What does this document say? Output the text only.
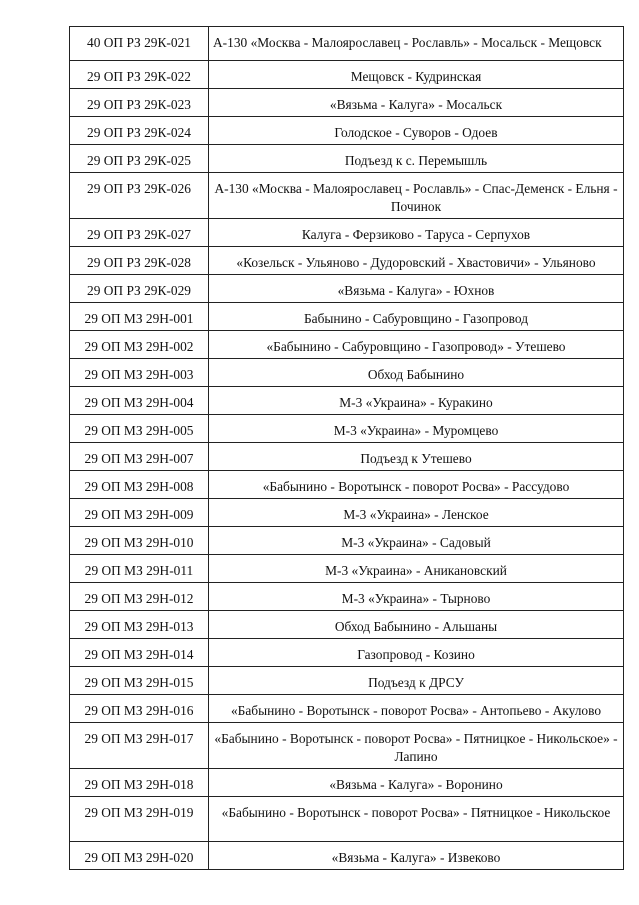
40 ОП РЗ 29К-021	А-130 «Москва - Малоярославец - Рославль» - Мосальск - Мещовск
29 ОП РЗ 29К-022	Мещовск - Кудринская
29 ОП РЗ 29К-023	«Вязьма - Калуга» - Мосальск
29 ОП РЗ 29К-024	Голодское - Суворов - Одоев
29 ОП РЗ 29К-025	Подъезд к с. Перемышль
29 ОП РЗ 29К-026	А-130 «Москва - Малоярославец - Рославль» - Спас-Деменск - Ельня - Починок
29 ОП РЗ 29К-027	Калуга - Ферзиково - Таруса - Серпухов
29 ОП РЗ 29К-028	«Козельск - Ульяново - Дудоровский - Хвастовичи» - Ульяново
29 ОП РЗ 29К-029	«Вязьма - Калуга» - Юхнов
29 ОП МЗ 29Н-001	Бабынино - Сабуровщино - Газопровод
29 ОП МЗ 29Н-002	«Бабынино - Сабуровщино - Газопровод» - Утешево
29 ОП МЗ 29Н-003	Обход Бабынино
29 ОП МЗ 29Н-004	М-3 «Украина» - Куракино
29 ОП МЗ 29Н-005	М-3 «Украина» - Муромцево
29 ОП МЗ 29Н-007	Подъезд к Утешево
29 ОП МЗ 29Н-008	«Бабынино - Воротынск - поворот Росва» - Рассудово
29 ОП МЗ 29Н-009	М-3 «Украина» - Ленское
29 ОП МЗ 29Н-010	М-3 «Украина» - Садовый
29 ОП МЗ 29Н-011	М-3 «Украина» - Аникановский
29 ОП МЗ 29Н-012	М-3 «Украина» - Тырново
29 ОП МЗ 29Н-013	Обход Бабынино - Альшаны
29 ОП МЗ 29Н-014	Газопровод - Козино
29 ОП МЗ 29Н-015	Подъезд к ДРСУ
29 ОП МЗ 29Н-016	«Бабынино - Воротынск - поворот Росва» - Антопьево - Акулово
29 ОП МЗ 29Н-017	«Бабынино - Воротынск - поворот Росва» - Пятницкое - Никольское» - Лапино
29 ОП МЗ 29Н-018	«Вязьма - Калуга» - Воронино
29 ОП МЗ 29Н-019	«Бабынино - Воротынск - поворот Росва» - Пятницкое - Никольское
29 ОП МЗ 29Н-020	«Вязьма - Калуга» - Извеково
